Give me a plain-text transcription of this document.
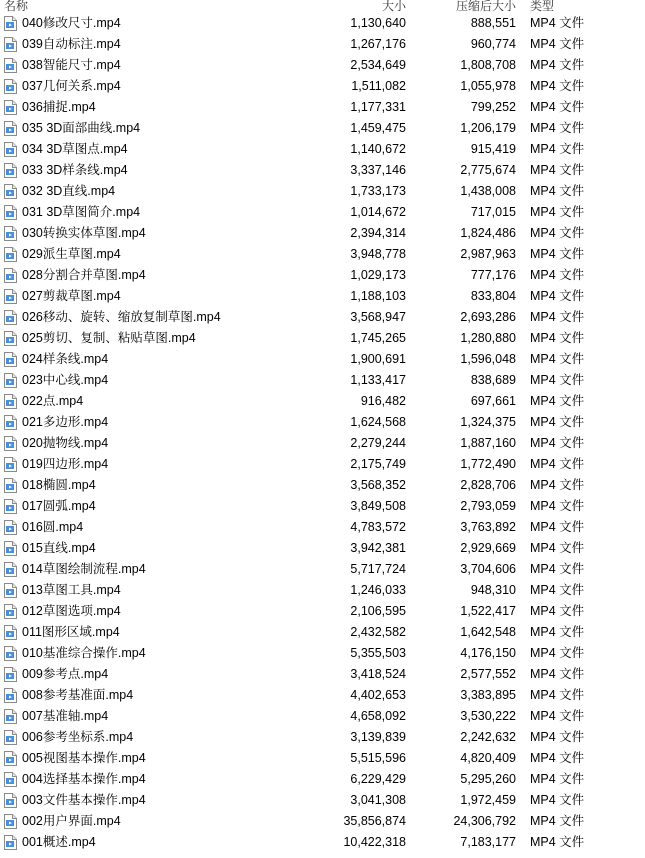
名称	大小	压缩后大小	类型
040修改尺寸.mp4	1,130,640	888,551	MP4 文件
039自动标注.mp4	1,267,176	960,774	MP4 文件
038智能尺寸.mp4	2,534,649	1,808,708	MP4 文件
037几何关系.mp4	1,511,082	1,055,978	MP4 文件
036捕捉.mp4	1,177,331	799,252	MP4 文件
035 3D面部曲线.mp4	1,459,475	1,206,179	MP4 文件
034 3D草图点.mp4	1,140,672	915,419	MP4 文件
033 3D样条线.mp4	3,337,146	2,775,674	MP4 文件
032 3D直线.mp4	1,733,173	1,438,008	MP4 文件
031 3D草图简介.mp4	1,014,672	717,015	MP4 文件
030转换实体草图.mp4	2,394,314	1,824,486	MP4 文件
029派生草图.mp4	3,948,778	2,987,963	MP4 文件
028分割合并草图.mp4	1,029,173	777,176	MP4 文件
027剪裁草图.mp4	1,188,103	833,804	MP4 文件
026移动、旋转、缩放复制草图.mp4	3,568,947	2,693,286	MP4 文件
025剪切、复制、粘贴草图.mp4	1,745,265	1,280,880	MP4 文件
024样条线.mp4	1,900,691	1,596,048	MP4 文件
023中心线.mp4	1,133,417	838,689	MP4 文件
022点.mp4	916,482	697,661	MP4 文件
021多边形.mp4	1,624,568	1,324,375	MP4 文件
020抛物线.mp4	2,279,244	1,887,160	MP4 文件
019四边形.mp4	2,175,749	1,772,490	MP4 文件
018椭圆.mp4	3,568,352	2,828,706	MP4 文件
017圆弧.mp4	3,849,508	2,793,059	MP4 文件
016圆.mp4	4,783,572	3,763,892	MP4 文件
015直线.mp4	3,942,381	2,929,669	MP4 文件
014草图绘制流程.mp4	5,717,724	3,704,606	MP4 文件
013草图工具.mp4	1,246,033	948,310	MP4 文件
012草图选项.mp4	2,106,595	1,522,417	MP4 文件
011图形区域.mp4	2,432,582	1,642,548	MP4 文件
010基准综合操作.mp4	5,355,503	4,176,150	MP4 文件
009参考点.mp4	3,418,524	2,577,552	MP4 文件
008参考基准面.mp4	4,402,653	3,383,895	MP4 文件
007基准轴.mp4	4,658,092	3,530,222	MP4 文件
006参考坐标系.mp4	3,139,839	2,242,632	MP4 文件
005视图基本操作.mp4	5,515,596	4,820,409	MP4 文件
004选择基本操作.mp4	6,229,429	5,295,260	MP4 文件
003文件基本操作.mp4	3,041,308	1,972,459	MP4 文件
002用户界面.mp4	35,856,874	24,306,792	MP4 文件
001概述.mp4	10,422,318	7,183,177	MP4 文件
